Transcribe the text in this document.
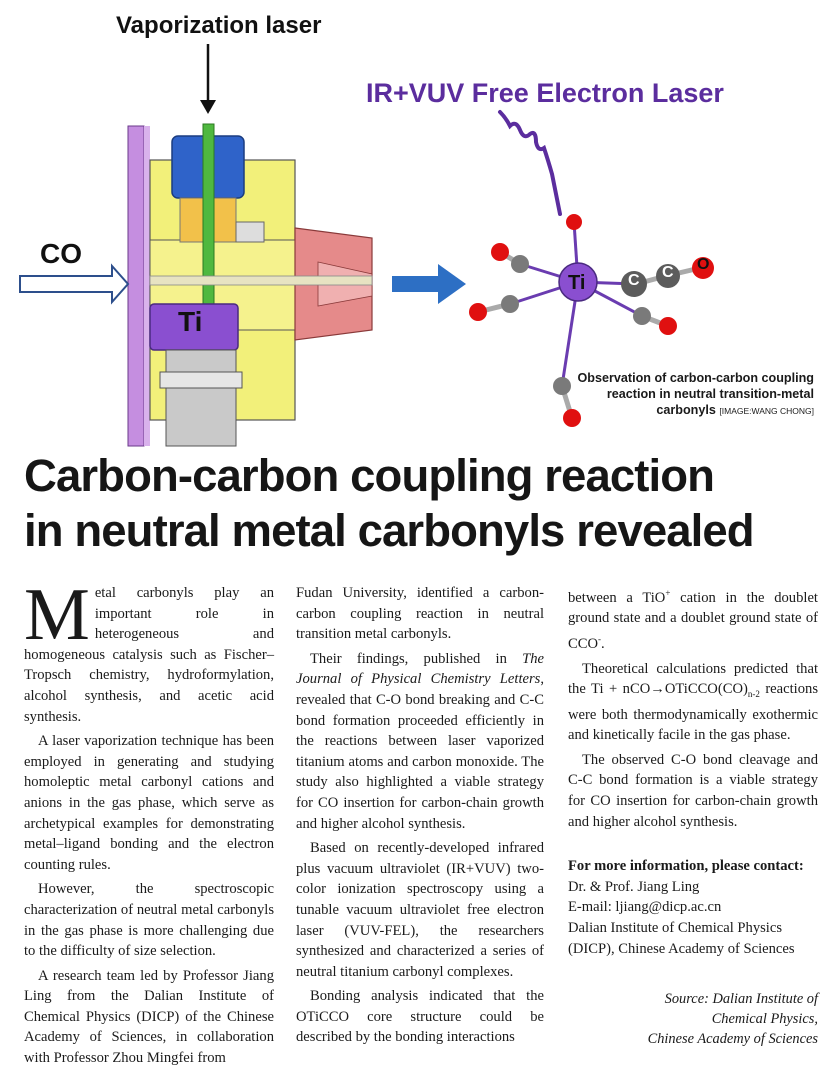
Vaporization laser
IR+VUV Free Electron Laser
CO
Ti
Ti	C C O
Observation of carbon-carbon coupling reaction in neutral transition-metal carbonyls [IMAGE:WANG CHONG]
Carbon-carbon coupling reaction
in neutral metal carbonyls revealed

Metal carbonyls play an important role in heterogeneous and homogeneous catalysis such as Fischer–Tropsch chemistry, hydroformylation, alcohol synthesis, and acetic acid synthesis.

A laser vaporization technique has been employed in generating and studying homoleptic metal carbonyl cations and anions in the gas phase, which serve as archetypical examples for demonstrating metal–ligand bonding and the electron counting rules.

However, the spectroscopic characterization of neutral metal carbonyls in the gas phase is more challenging due to the difficulty of size selection.

A research team led by Professor Jiang Ling from the Dalian Institute of Chemical Physics (DICP) of the Chinese Academy of Sciences, in collaboration with Professor Zhou Mingfei from

Fudan University, identified a carbon-carbon coupling reaction in neutral transition metal carbonyls.

Their findings, published in The Journal of Physical Chemistry Letters, revealed that C-O bond breaking and C-C bond formation proceeded efficiently in the reactions between laser vaporized titanium atoms and carbon monoxide. The study also highlighted a viable strategy for CO insertion for carbon-chain growth and higher alcohol synthesis.

Based on recently-developed infrared plus vacuum ultraviolet (IR+VUV) two-color ionization spectroscopy using a tunable vacuum ultraviolet free electron laser (VUV-FEL), the researchers synthesized and characterized a series of neutral titanium carbonyl complexes.

Bonding analysis indicated that the OTiCCO core structure could be described by the bonding interactions

between a TiO+ cation in the doublet ground state and a doublet ground state of CCO-.

Theoretical calculations predicted that the $Ti + nCO\to OTiCCO(CO)_{n-2}$ reactions were both thermodynamically exothermic and kinetically facile in the gas phase.

The observed C-O bond cleavage and C-C bond formation is a viable strategy for CO insertion for carbon-chain growth and higher alcohol synthesis.

For more information, please contact:
Dr. & Prof. Jiang Ling
E-mail: ljiang@dicp.ac.cn
Dalian Institute of Chemical Physics (DICP), Chinese Academy of Sciences
Source: Dalian Institute of
Chemical Physics,
Chinese Academy of Sciences
